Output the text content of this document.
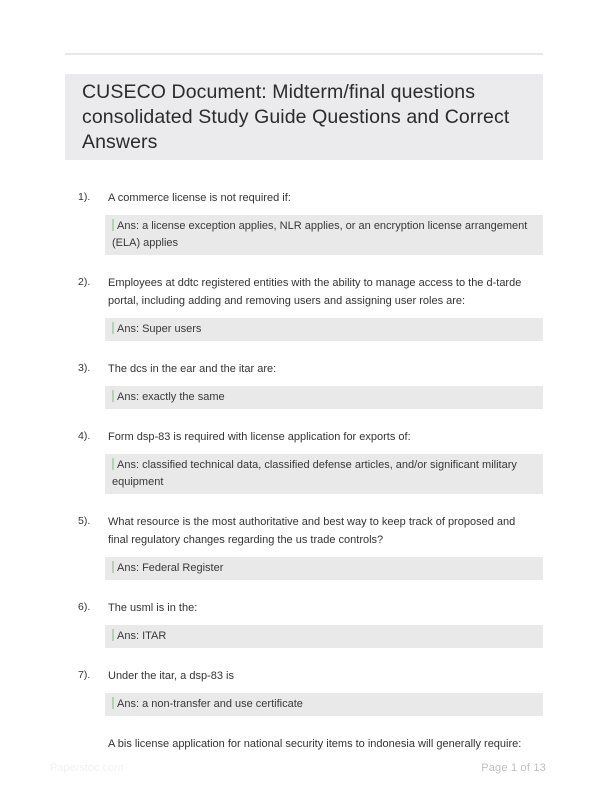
CUSECO Document: Midterm/final questions consolidated Study Guide Questions and Correct Answers
1).	A commerce license is not required if:
Ans: a license exception applies, NLR applies, or an encryption license arrangement (ELA) applies
2).	Employees at ddtc registered entities with the ability to manage access to the d-tarde portal, including adding and removing users and assigning user roles are:
Ans: Super users
3).	The dcs in the ear and the itar are:
Ans: exactly the same
4).	Form dsp-83 is required with license application for exports of:
Ans: classified technical data, classified defense articles, and/or significant military equipment
5).	What resource is the most authoritative and best way to keep track of proposed and final regulatory changes regarding the us trade controls?
Ans: Federal Register
6).	The usml is in the:
Ans: ITAR
7).	Under the itar, a dsp-83 is
Ans: a non-transfer and use certificate
A bis license application for national security items to indonesia will generally require:
Paperstoc.com	Page 1 of 13
